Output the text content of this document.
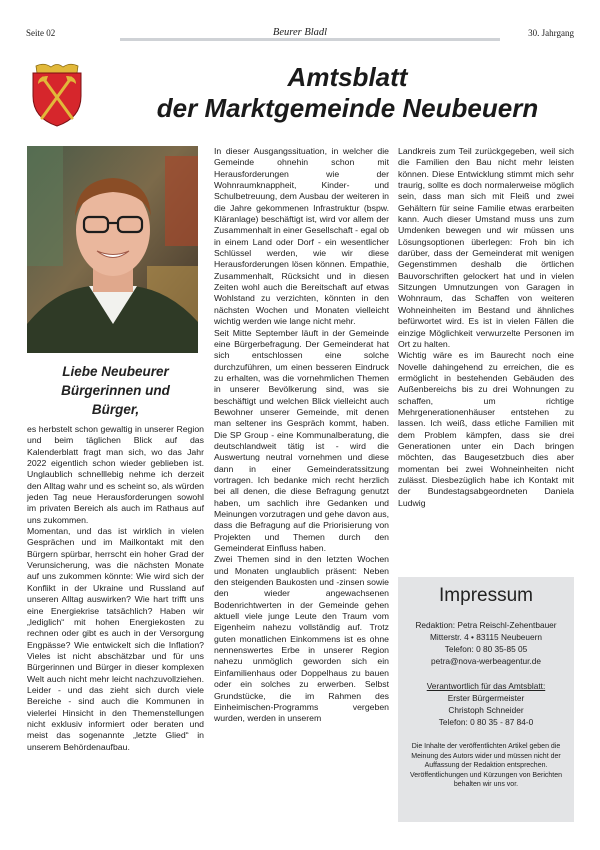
Seite 02	Beurer Bladl	30. Jahrgang
Amtsblatt
der Marktgemeinde Neubeuern
Liebe Neubeurer
Bürgerinnen und
Bürger,

es herbstelt schon gewaltig in unserer Region und beim täglichen Blick auf das Kalenderblatt fragt man sich, wo das Jahr 2022 eigentlich schon wieder geblieben ist. Unglaublich schnelllebig nehme ich derzeit den Alltag wahr und es scheint so, als würden jeden Tag neue Herausforderungen sowohl im privaten Bereich als auch im Rathaus auf uns zukommen.

Momentan, und das ist wirklich in vielen Gesprächen und im Mailkontakt mit den Bürgern spürbar, herrscht ein hoher Grad der Verunsicherung, was die nächsten Monate auf uns zukommen könnte: Wie wird sich der Konflikt in der Ukraine und Russland auf unseren Alltag auswirken? Wie hart trifft uns eine Energiekrise tatsächlich? Haben wir „lediglich“ mit hohen Energiekosten zu rechnen oder gibt es auch in der Versorgung Engpässe? Wie entwickelt sich die Inflation? Vieles ist nicht abschätzbar und für uns Bürgerinnen und Bürger in dieser komplexen Welt auch nicht mehr leicht nachzuvollziehen. Leider - und das zieht sich durch viele Bereiche - sind auch die Kommunen in vielerlei Hinsicht in den Themenstellungen nicht exklusiv informiert oder beraten und meist das sogenannte „letzte Glied“ in unserem Behördenaufbau.

In dieser Ausgangssituation, in welcher die Gemeinde ohnehin schon mit Herausforderungen wie der Wohnraumknappheit, Kinder- und Schulbetreuung, dem Ausbau der weiteren in die Jahre gekommenen Infrastruktur (bspw. Kläranlage) beschäftigt ist, wird vor allem der Zusammenhalt in einer Gesellschaft - egal ob in einem Land oder Dorf - ein wesentlicher Schlüssel werden, wie wir diese Herausforderungen lösen können. Empathie, Zusammenhalt, Rücksicht und in diesen Zeiten wohl auch die Bereitschaft auf etwas Wohlstand zu verzichten, könnten in den nächsten Wochen und Monaten vielleicht wichtig werden wie lange nicht mehr.

Seit Mitte September läuft in der Gemeinde eine Bürgerbefragung. Der Gemeinderat hat sich entschlossen eine solche durchzuführen, um einen besseren Eindruck zu erhalten, was die vornehmlichen Themen in unserer Bevölkerung sind, was sie beschäftigt und welchen Blick vielleicht auch Bewohner unserer Gemeinde, mit denen man seltener ins Gespräch kommt, haben. Die SP Group - eine Kommunalberatung, die deutschlandweit tätig ist - wird die Auswertung neutral vornehmen und diese dann in einer Gemeinderatssitzung vortragen. Ich bedanke mich recht herzlich bei all denen, die diese Befragung genutzt haben, um sachlich ihre Gedanken und Meinungen vorzutragen und gehe davon aus, dass die Befragung auf die Priorisierung von Projekten und Themen durch den Gemeinderat Einfluss haben.

Zwei Themen sind in den letzten Wochen und Monaten unglaublich präsent: Neben den steigenden Baukosten und -zinsen sowie den wieder angewachsenen Bodenrichtwerten in der Gemeinde gehen aktuell viele junge Leute den Traum vom Eigenheim nahezu vollständig auf. Trotz guten monatlichen Einkommens ist es ohne nennenswertes Erbe in unserer Region nahezu unmöglich geworden sich ein Einfamilienhaus oder Doppelhaus zu bauen oder ein solches zu erwerben. Selbst Grundstücke, die im Rahmen des Einheimischen-Programms vergeben wurden, werden in unserem

Landkreis zum Teil zurückgegeben, weil sich die Familien den Bau nicht mehr leisten können. Diese Entwicklung stimmt mich sehr traurig, sollte es doch normalerweise möglich sein, dass man sich mit Fleiß und zwei Gehältern für seine Familie etwas erarbeiten kann. Auch dieser Umstand muss uns zum Umdenken bewegen und wir müssen uns Lösungsoptionen überlegen: Froh bin ich darüber, dass der Gemeinderat mit wenigen Gegenstimmen deshalb die örtlichen Bauvorschriften gelockert hat und in vielen Sitzungen Umnutzungen von Garagen in Wohnraum, das Schaffen von weiteren Wohneinheiten im Bestand und ähnliches befürwortet wird. Es ist in vielen Fällen die einzige Möglichkeit verwurzelte Personen im Ort zu halten.

Wichtig wäre es im Baurecht noch eine Novelle dahingehend zu erreichen, die es ermöglicht in bestehenden Gebäuden des Außenbereichs bis zu drei Wohnungen zu schaffen, um richtige Mehrgenerationenhäuser entstehen zu lassen. Ich weiß, dass etliche Familien mit dem Problem kämpfen, dass sie drei Generationen unter ein Dach bringen möchten, das Baugesetzbuch dies aber momentan bei zwei Wohneinheiten nicht zulässt. Diesbezüglich habe ich Kontakt mit der Bundestagsabgeordneten Daniela Ludwig

Impressum
Redaktion: Petra Reischl-Zehentbauer
Mitterstr. 4 • 83115 Neubeuern
Telefon: 0 80 35-85 05
petra@nova-werbeagentur.de
Verantwortlich für das Amtsblatt:
Erster Bürgermeister
Christoph Schneider
Telefon: 0 80 35 - 87 84-0
Die Inhalte der veröffentlichten Artikel geben die Meinung des Autors wider und müssen nicht der Auffassung der Redaktion entsprechen.
Veröffentlichungen und Kürzungen von Berichten behalten wir uns vor.
